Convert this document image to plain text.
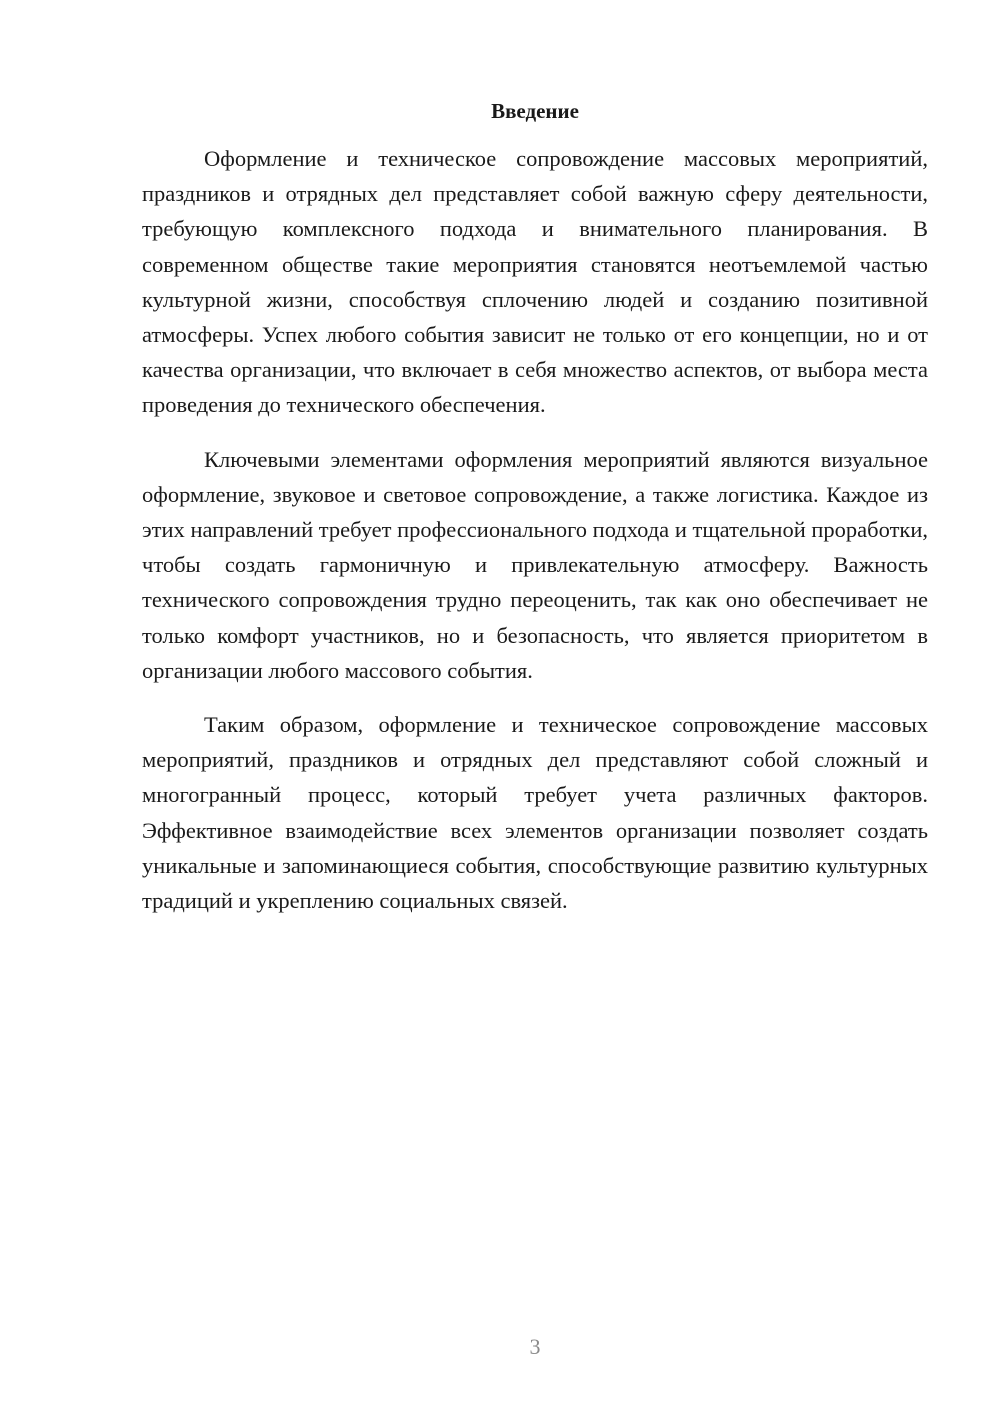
Введение

Оформление и техническое сопровождение массовых мероприятий, праздников и отрядных дел представляет собой важную сферу деятельности, требующую комплексного подхода и внимательного планирования. В современном обществе такие мероприятия становятся неотъемлемой частью культурной жизни, способствуя сплочению людей и созданию позитивной атмосферы. Успех любого события зависит не только от его концепции, но и от качества организации, что включает в себя множество аспектов, от выбора места проведения до технического обеспечения.

Ключевыми элементами оформления мероприятий являются визуальное оформление, звуковое и световое сопровождение, а также логистика. Каждое из этих направлений требует профессионального подхода и тщательной проработки, чтобы создать гармоничную и привлекательную атмосферу. Важность технического сопровождения трудно переоценить, так как оно обеспечивает не только комфорт участников, но и безопасность, что является приоритетом в организации любого массового события.

Таким образом, оформление и техническое сопровождение массовых мероприятий, праздников и отрядных дел представляют собой сложный и многогранный процесс, который требует учета различных факторов. Эффективное взаимодействие всех элементов организации позволяет создать уникальные и запоминающиеся события, способствующие развитию культурных традиций и укреплению социальных связей.

3
